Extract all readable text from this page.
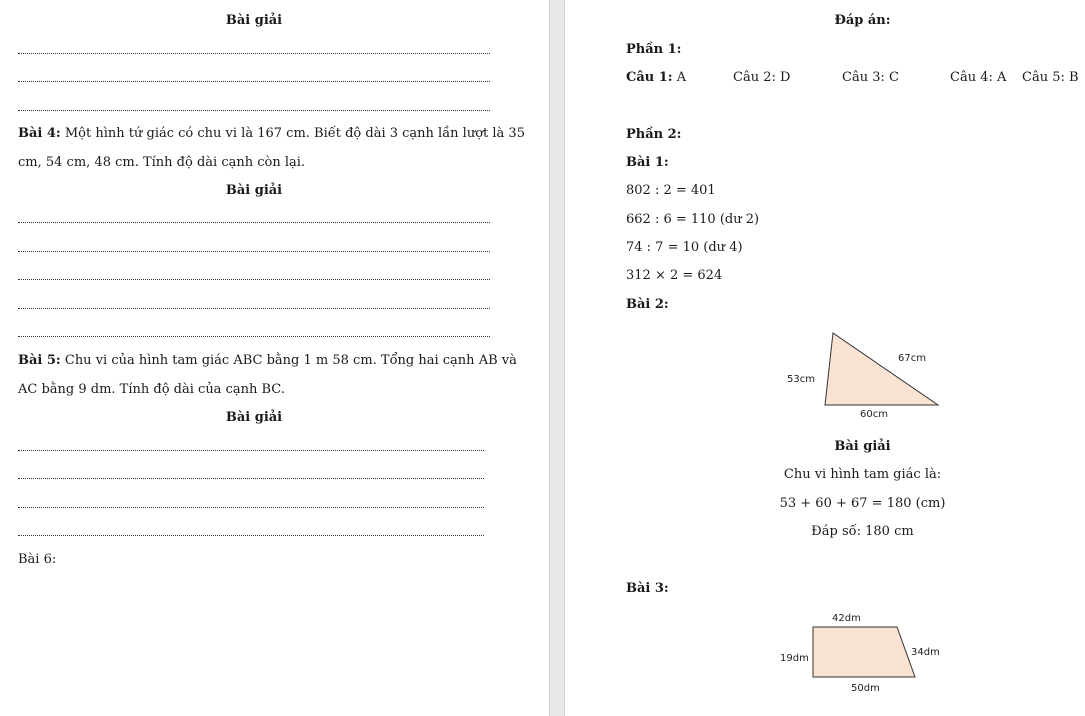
Bài giải
Bài 4: Một hình tứ giác có chu vi là 167 cm. Biết độ dài 3 cạnh lần lượt là 35
cm, 54 cm, 48 cm. Tính độ dài cạnh còn lại.
Bài giải
Bài 5: Chu vi của hình tam giác ABC bằng 1 m 58 cm. Tổng hai cạnh AB và
AC bằng 9 dm. Tính độ dài của cạnh BC.
Bài giải
Bài 6:
Đáp án:
Phần 1:
Câu 1: A	Câu 2: D	Câu 3: C	Câu 4: A Câu 5: B
Phần 2:
Bài 1:
802 : 2 = 401
662 : 6 = 110 (dư 2)
74 : 7 = 10 (dư 4)
312 × 2 = 624
Bài 2:
53cm
67cm
60cm
Bài giải
Chu vi hình tam giác là:
53 + 60 + 67 = 180 (cm)
Đáp số: 180 cm
Bài 3:
42dm
19dm
34dm
50dm
